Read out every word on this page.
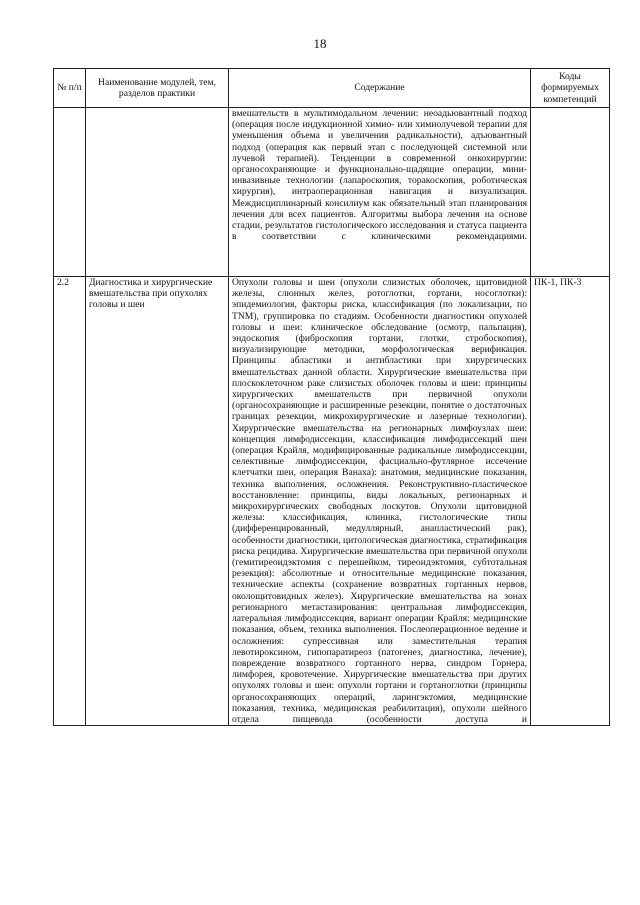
18
№ п/п	Наименование модулей, тем, разделов практики	Содержание	Коды формируемых компетенций

		вмешательств в мультимодальном лечении: неоадьювантный подход (операция после индукционной химио- или химиолучевой терапии для уменьшения объема и увеличения радикальности), адъювантный подход (операция как первый этап с последующей системной или лучевой терапией). Тенденции в современной онкохирургии: органосохраняющие и функционально-щадящие операции, мини-инвазивные технологии (лапароскопия, торакоскопия, роботическая хирургия), интраоперационная навигация и визуализация. Междисциплинарный консилиум как обязательный этап планирования лечения для всех пациентов. Алгоритмы выбора лечения на основе стадии, результатов гистологического исследования и статуса пациента в соответствии с клиническими рекомендациями.	

2.2	Диагностика и хирургические вмешательства при опухолях головы и шеи	Опухоли головы и шеи (опухоли слизистых оболочек, щитовидной железы, слюнных желез, ротоглотки, гортани, носоглотки): эпидемиология, факторы риска, классификация (по локализации, по TNM), группировка по стадиям. Особенности диагностики опухолей головы и шеи: клиническое обследование (осмотр, пальпация), эндоскопия (фиброскопия гортани, глотки, стробоскопия), визуализирующие методики, морфологическая верификация. Принципы абластики и антибластики при хирургических вмешательствах данной области. Хирургические вмешательства при плоскоклеточном раке слизистых оболочек головы и шеи: принципы хирургических вмешательств при первичной опухоли (органосохраняющие и расширенные резекции, понятие о достаточных границах резекции, микрохирургические и лазерные технологии). Хирургические вмешательства на регионарных лимфоузлах шеи: концепция лимфодиссекции, классификация лимфодиссекций шеи (операция Крайля, модифицированные радикальные лимфодиссекции, селективные лимфодиссекции, фасциально-футлярное иссечение клетчатки шеи, операция Ванаха): анатомия, медицинские показания, техника выполнения, осложнения. Реконструктивно-пластическое восстановление: принципы, виды локальных, регионарных и микрохирургических свободных лоскутов. Опухоли щитовидной железы: классификация, клиника, гистологические типы (дифференцированный, медуллярный, анапластический рак), особенности диагностики, цитологическая диагностика, стратификация риска рецидива. Хирургические вмешательства при первичной опухоли (гемитиреоидэктомия с перешейком, тиреоидэктомия, субтотальная резекция): абсолютные и относительные медицинские показания, технические аспекты (сохранение возвратных гортанных нервов, околощитовидных желез). Хирургические вмешательства на зонах регионарного метастазирования: центральная лимфодиссекция, латеральная лимфодиссекция, вариант операции Крайля: медицинские показания, объем, техника выполнения. Послеоперационное ведение и осложнения: супрессивная или заместительная терапия левотироксином, гипопаратиреоз (патогенез, диагностика, лечение), повреждение возвратного гортанного нерва, синдром Горнера, лимфорея, кровотечение. Хирургические вмешательства при других опухолях головы и шеи: опухоли гортани и гортаноглотки (принципы органосохраняющих операций, ларингэктомия, медицинские показания, техника, медицинская реабилитация), опухоли шейного отдела пищевода (особенности доступа и	ПК-1, ПК-3
